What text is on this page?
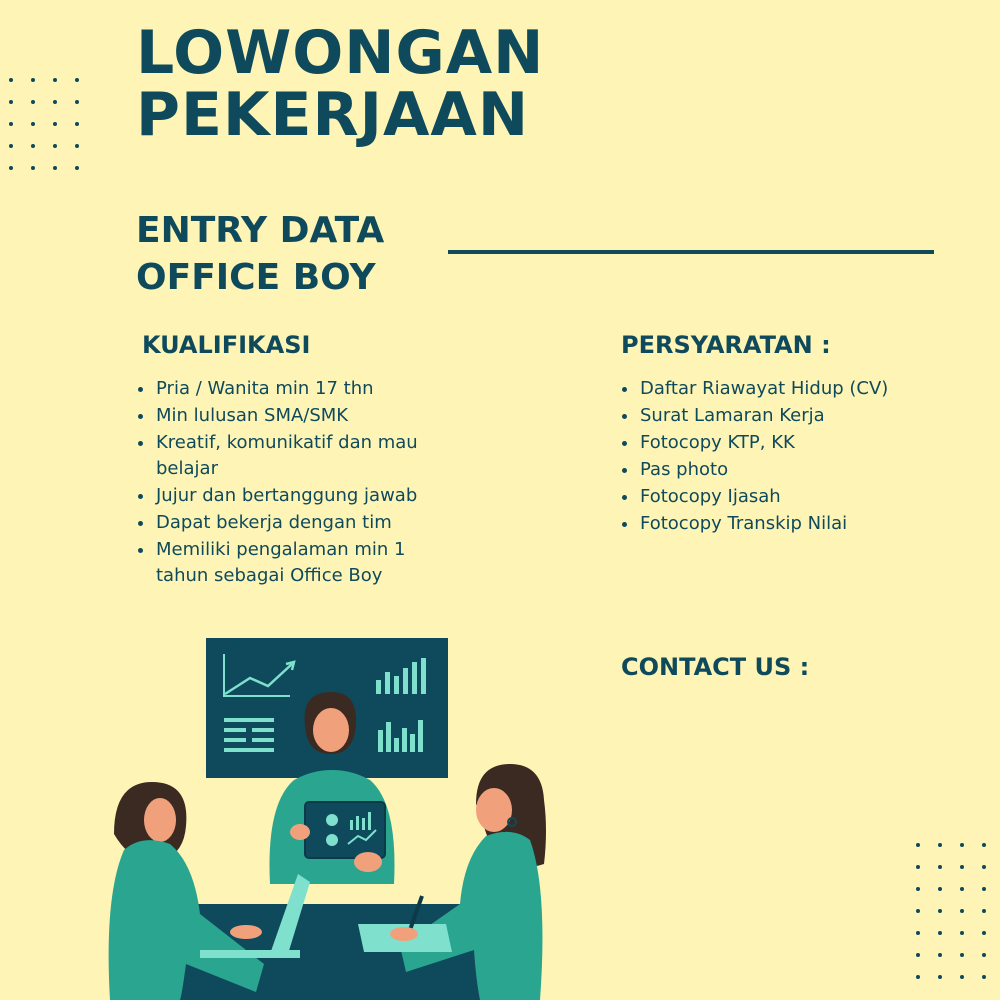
LOWONGAN
PEKERJAAN
ENTRY DATA
OFFICE BOY
KUALIFIKASI
Pria / Wanita min 17 thn
Min lulusan SMA/SMK
Kreatif, komunikatif dan mau belajar
Jujur dan bertanggung jawab
Dapat bekerja dengan tim
Memiliki pengalaman min 1 tahun sebagai Office Boy
PERSYARATAN :
Daftar Riawayat Hidup (CV)
Surat Lamaran Kerja
Fotocopy KTP, KK
Pas photo
Fotocopy Ijasah
Fotocopy Transkip Nilai
CONTACT US :
